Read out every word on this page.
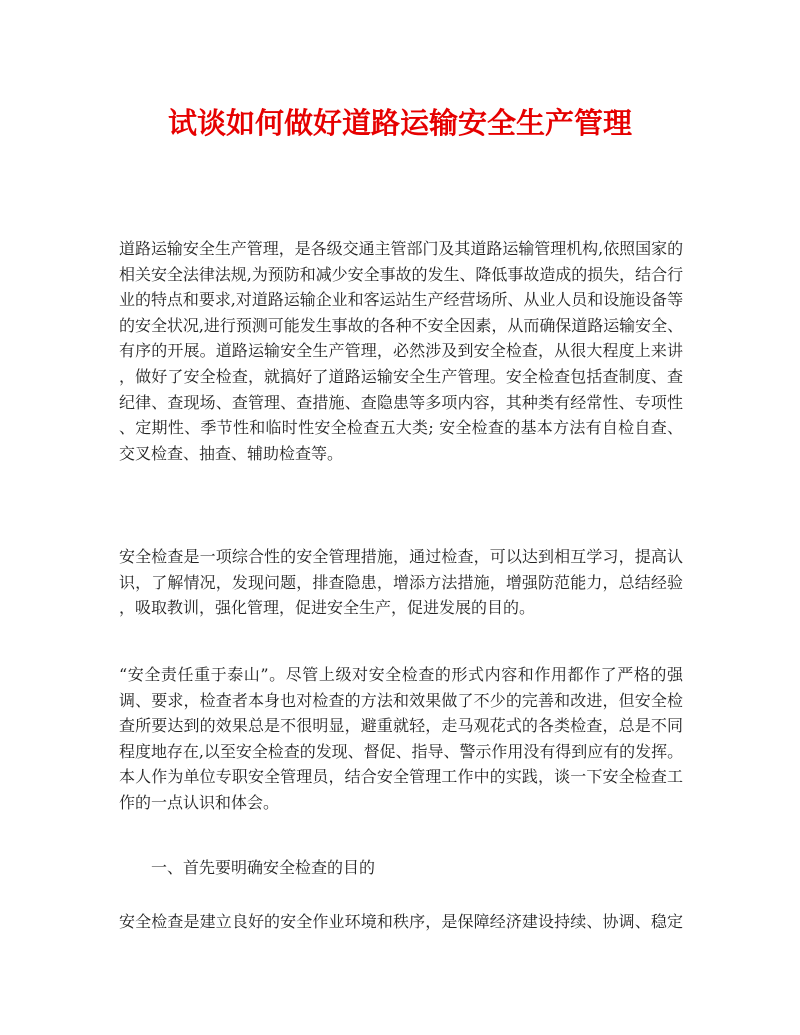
试谈如何做好道路运输安全生产管理
道路运输安全生产管理，是各级交通主管部门及其道路运输管理机构,依照国家的
相关安全法律法规,为预防和减少安全事故的发生、降低事故造成的损失，结合行
业的特点和要求,对道路运输企业和客运站生产经营场所、从业人员和设施设备等
的安全状况,进行预测可能发生事故的各种不安全因素，从而确保道路运输安全、
有序的开展。道路运输安全生产管理，必然涉及到安全检查，从很大程度上来讲
，做好了安全检查，就搞好了道路运输安全生产管理。安全检查包括查制度、查
纪律、查现场、查管理、查措施、查隐患等多项内容，其种类有经常性、专项性
、定期性、季节性和临时性安全检查五大类; 安全检查的基本方法有自检自查、
交叉检查、抽查、辅助检查等。
安全检查是一项综合性的安全管理措施，通过检查，可以达到相互学习，提高认
识，了解情况，发现问题，排查隐患，增添方法措施，增强防范能力，总结经验
，吸取教训，强化管理，促进安全生产，促进发展的目的。
“安全责任重于泰山”。尽管上级对安全检查的形式内容和作用都作了严格的强
调、要求，检查者本身也对检查的方法和效果做了不少的完善和改进，但安全检
查所要达到的效果总是不很明显，避重就轻，走马观花式的各类检查，总是不同
程度地存在,以至安全检查的发现、督促、指导、警示作用没有得到应有的发挥。
本人作为单位专职安全管理员，结合安全管理工作中的实践，谈一下安全检查工
作的一点认识和体会。
一、首先要明确安全检查的目的
安全检查是建立良好的安全作业环境和秩序，是保障经济建设持续、协调、稳定
